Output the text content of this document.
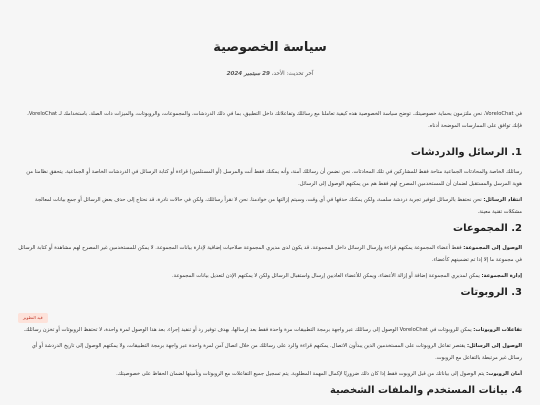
سياسة الخصوصية
آخر تحديث: الأحد، 29 سبتمبر 2024

في VoreloChat، نحن ملتزمون بحماية خصوصيتك. توضح سياسة الخصوصية هذه كيفية تعاملنا مع رسائلك وتفاعلاتك داخل التطبيق، بما في ذلك الدردشات، والمجموعات، والروبوتات، والميزات ذات الصلة. باستخدامك لـ VoreloChat، فإنك توافق على الممارسات الموضحة أدناه.

1. الرسائل والدردشات

رسائلك الخاصة والمحادثات الجماعية متاحة فقط للمشاركين في تلك المحادثات. نحن نضمن أن رسائلك آمنة، وأنه يمكنك فقط أنت والمرسل (أو المستلمين) قراءة أو كتابة الرسائل في الدردشات الخاصة أو الجماعية. يتحقق نظامنا من هوية المرسل والمستقبل لضمان أن للمستخدمين المصرح لهم فقط هم من يمكنهم الوصول إلى الرسائل.

انتقاد الرسائل: نحن نحتفظ بالرسائل لتوفير تجربة دردشة سلسة، ولكن يمكنك حذفها في أي وقت، وسيتم إزالتها من خوادمنا. نحن لا نقرأ رسائلك، ولكن في حالات نادرة، قد نحتاج إلى حذف بعض الرسائل أو جمع بيانات لمعالجة مشكلات تقنية معينة.

2. المجموعات

الوصول إلى المجموعة: فقط أعضاء المجموعة يمكنهم قراءة وإرسال الرسائل داخل المجموعة. قد يكون لدى مديري المجموعة صلاحيات إضافية لإدارة بيانات المجموعة. لا يمكن للمستخدمين غير المصرح لهم مشاهدة أو كتابة الرسائل في مجموعة ما إلا إذا تم تضمينهم كأعضاء.

إدارة المجموعة: يمكن لمديري المجموعة إضافة أو إزالة الأعضاء، ويمكن للأعضاء العاديين إرسال واستقبال الرسائل ولكن لا يمكنهم الإذن لتعديل بيانات المجموعة.

3. الروبوتات
قيد التطوير

تفاعلات الروبوتات: يمكن للروبوتات في VoreloChat الوصول إلى رسائلك عبر واجهة برمجة التطبيقات مرة واحدة فقط بعد إرسالها، بهدف توفير رد أو تنفيذ إجراء. بعد هذا الوصول لمرة واحدة، لا تحتفظ الروبوتات أو تخزن رسائلك.

الوصول إلى الرسائل: يقتصر تفاعل الروبوتات على المستخدمين الذين يبدأون الاتصال. يمكنهم قراءة والرد على رسائلك من خلال اتصال آمن لمرة واحدة عبر واجهة برمجة التطبيقات، ولا يمكنهم الوصول إلى تاريخ الدردشة أو أي رسائل غير مرتبطة بالتفاعل مع الروبوت.

أمان الروبوت: يتم الوصول إلى بياناتك من قبل الروبوت فقط إذا كان ذلك ضروريًا لإكمال المهمة المطلوبة. يتم تسجيل جميع التفاعلات مع الروبوتات وتأمينها لضمان الحفاظ على خصوصيتك.

4. بيانات المستخدم والملفات الشخصية
